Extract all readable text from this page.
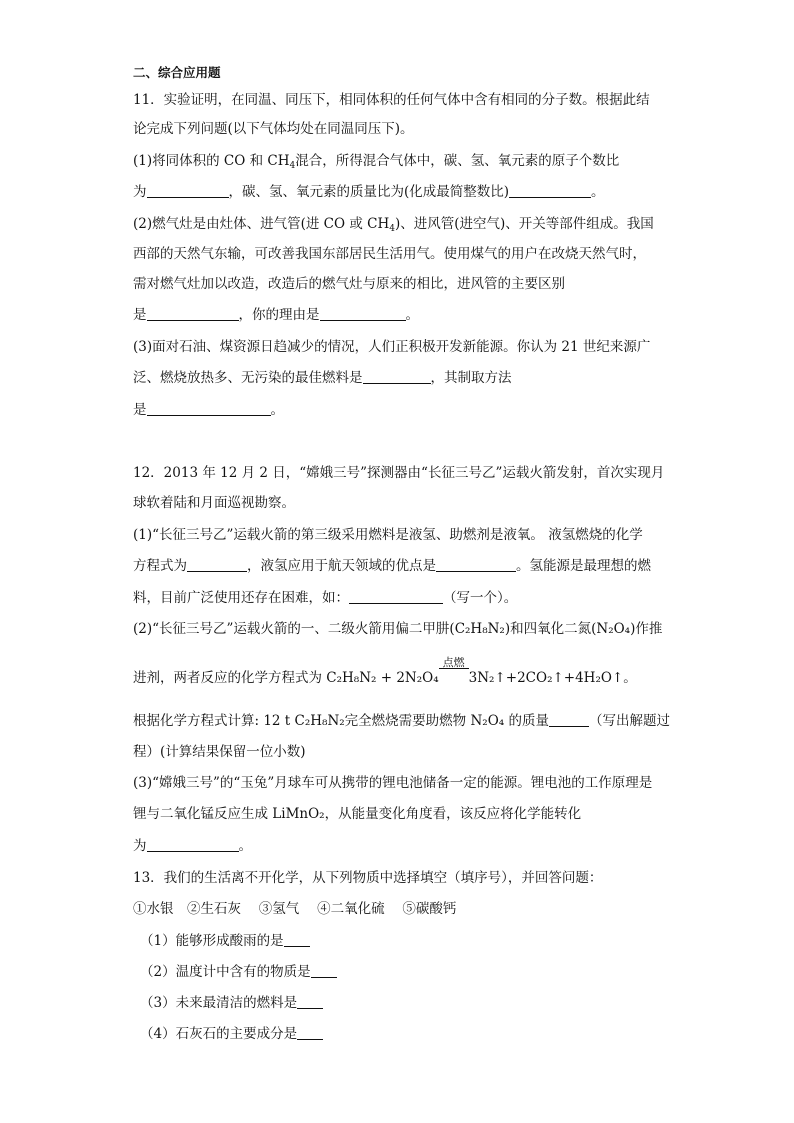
二、综合应用题
11．实验证明，在同温、同压下，相同体积的任何气体中含有相同的分子数。根据此结
论完成下列问题(以下气体均处在同温同压下)。
(1)将同体积的 CO 和 $CH_4$混合，所得混合气体中，碳、氢、氧元素的原子个数比
为	，碳、氢、氧元素的质量比为(化成最简整数比)	。
(2)燃气灶是由灶体、进气管(进 CO 或 $CH_4$)、进风管(进空气)、开关等部件组成。我国
西部的天然气东输，可改善我国东部居民生活用气。使用煤气的用户在改烧天然气时，
需对燃气灶加以改造，改造后的燃气灶与原来的相比，进风管的主要区别
是	，你的理由是	。
(3)面对石油、煤资源日趋减少的情况，人们正积极开发新能源。你认为 21 世纪来源广
泛、燃烧放热多、无污染的最佳燃料是	，其制取方法
是	。
12．2013 年 12 月 2 日，“嫦娥三号”探测器由“长征三号乙”运载火箭发射，首次实现月
球软着陆和月面巡视勘察。
(1)“长征三号乙”运载火箭的第三级采用燃料是液氢、助燃剂是液氧。 液氢燃烧的化学
方程式为	，液氢应用于航天领域的优点是	。氢能源是最理想的燃
料，目前广泛使用还存在困难，如：	（写一个）。
(2)“长征三号乙”运载火箭的一、二级火箭用偏二甲肼(C₂H₈N₂)和四氧化二氮(N₂O₄)作推
进剂，两者反应的化学方程式为 C₂H₈N₂ + 2N₂O₄
点燃
3N₂↑+2CO₂↑+4H₂O↑。
根据化学方程式计算: 12 t C₂H₈N₂完全燃烧需要助燃物 N₂O₄ 的质量	（写出解题过
程）(计算结果保留一位小数)
(3)“嫦娥三号”的“玉兔”月球车可从携带的锂电池储备一定的能源。锂电池的工作原理是
锂与二氧化锰反应生成 LiMnO₂，从能量变化角度看，该反应将化学能转化
为	。
13．我们的生活离不开化学，从下列物质中选择填空（填序号），并回答问题：
①水银　②生石灰　 ③氢气　 ④二氧化硫　 ⑤碳酸钙
（1）能够形成酸雨的是
（2）温度计中含有的物质是
（3）未来最清洁的燃料是
（4）石灰石的主要成分是
